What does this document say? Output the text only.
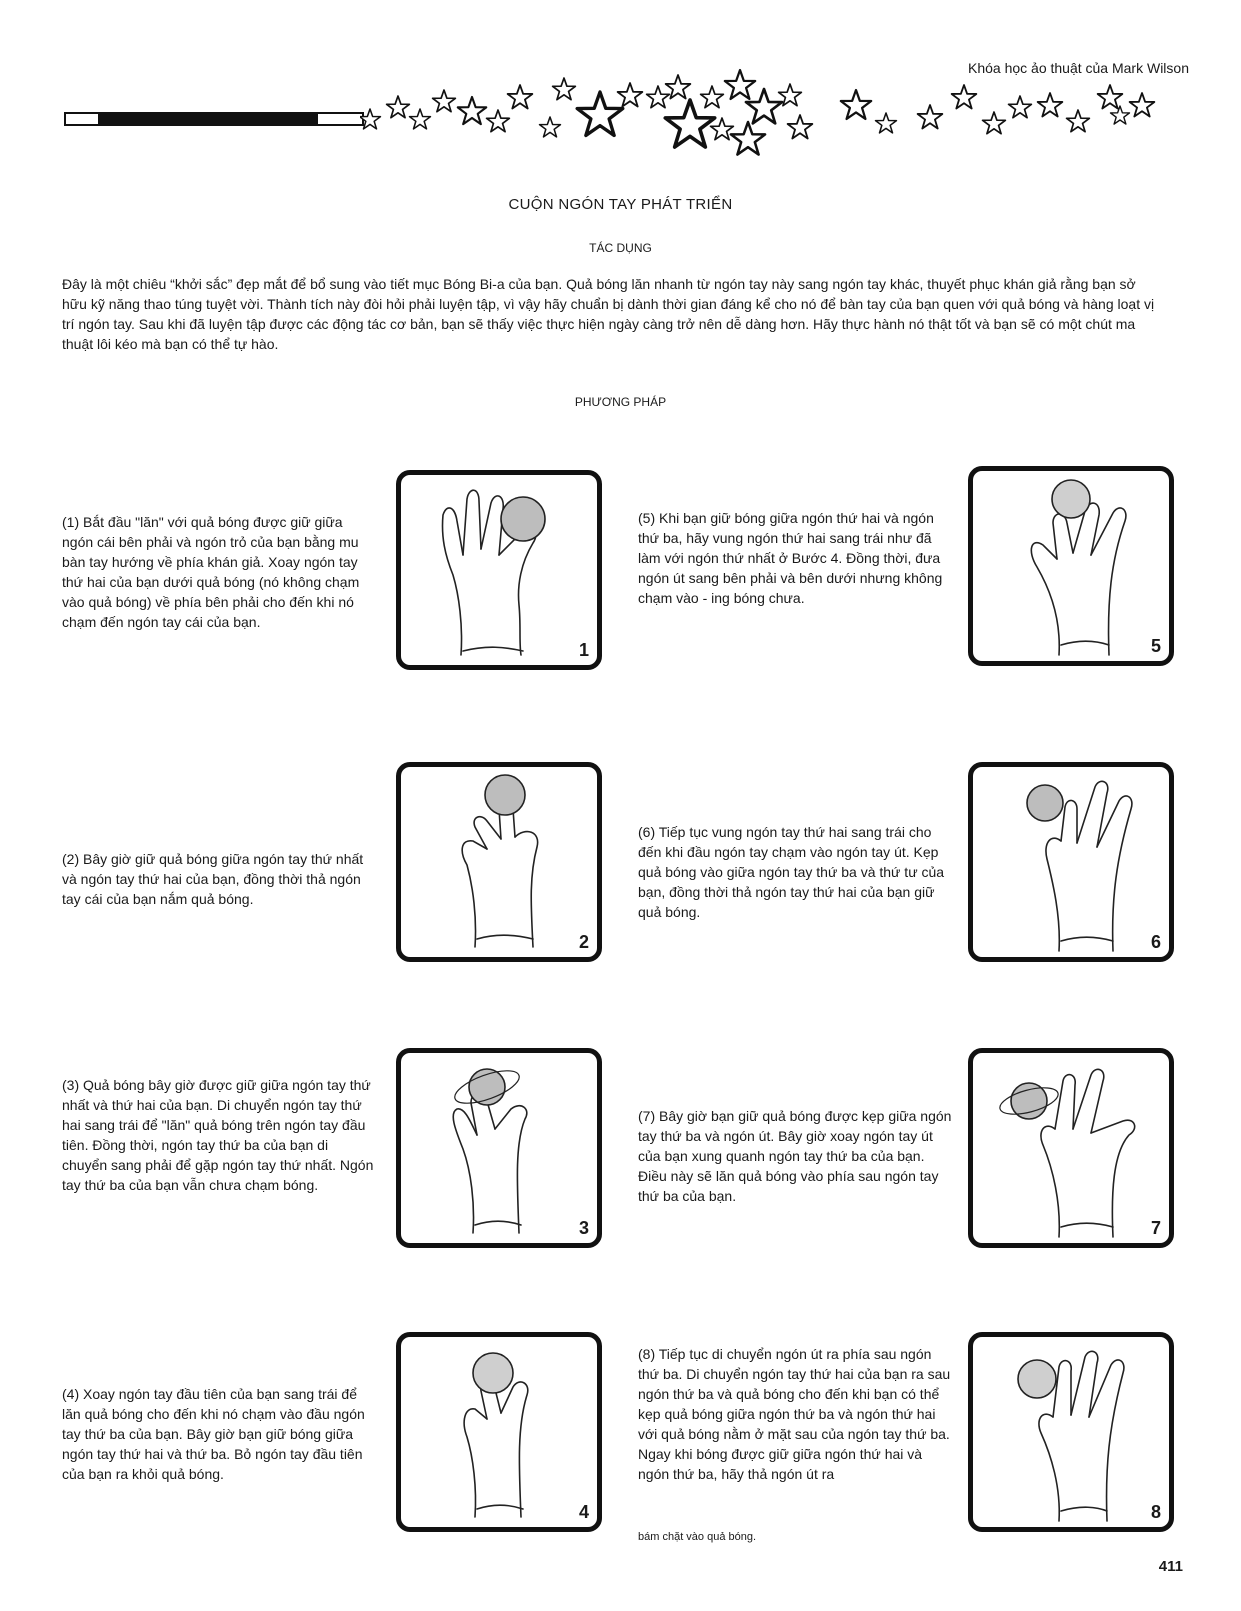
Khóa học ảo thuật của Mark Wilson
CUỘN NGÓN TAY PHÁT TRIỂN
TÁC DỤNG
Đây là một chiêu “khởi sắc” đẹp mắt để bổ sung vào tiết mục Bóng Bi-a của bạn. Quả bóng lăn nhanh từ ngón tay này sang ngón tay khác, thuyết phục khán giả rằng bạn sở hữu kỹ năng thao túng tuyệt vời. Thành tích này đòi hỏi phải luyện tập, vì vậy hãy chuẩn bị dành thời gian đáng kể cho nó để bàn tay của bạn quen với quả bóng và hàng loạt vị trí ngón tay. Sau khi đã luyện tập được các động tác cơ bản, bạn sẽ thấy việc thực hiện ngày càng trở nên dễ dàng hơn. Hãy thực hành nó thật tốt và bạn sẽ có một chút ma thuật lôi kéo mà bạn có thể tự hào.
PHƯƠNG PHÁP
(1) Bắt đầu "lăn" với quả bóng được giữ giữa ngón cái bên phải và ngón trỏ của bạn bằng mu bàn tay hướng về phía khán giả. Xoay ngón tay thứ hai của bạn dưới quả bóng (nó không chạm vào quả bóng) về phía bên phải cho đến khi nó chạm đến ngón tay cái của bạn.
(2) Bây giờ giữ quả bóng giữa ngón tay thứ nhất và ngón tay thứ hai của bạn, đồng thời thả ngón tay cái của bạn nắm quả bóng.
(3) Quả bóng bây giờ được giữ giữa ngón tay thứ nhất và thứ hai của bạn. Di chuyển ngón tay thứ hai sang trái để "lăn" quả bóng trên ngón tay đầu tiên. Đồng thời, ngón tay thứ ba của bạn di chuyển sang phải để gặp ngón tay thứ nhất. Ngón tay thứ ba của bạn vẫn chưa chạm bóng.
(4) Xoay ngón tay đầu tiên của bạn sang trái để lăn quả bóng cho đến khi nó chạm vào đầu ngón tay thứ ba của bạn. Bây giờ bạn giữ bóng giữa ngón tay thứ hai và thứ ba. Bỏ ngón tay đầu tiên của bạn ra khỏi quả bóng.
(5) Khi bạn giữ bóng giữa ngón thứ hai và ngón thứ ba, hãy vung ngón thứ hai sang trái như đã làm với ngón thứ nhất ở Bước 4. Đồng thời, đưa ngón út sang bên phải và bên dưới nhưng không chạm vào - ing bóng chưa.
(6) Tiếp tục vung ngón tay thứ hai sang trái cho đến khi đầu ngón tay chạm vào ngón tay út. Kẹp quả bóng vào giữa ngón tay thứ ba và thứ tư của bạn, đồng thời thả ngón tay thứ hai của bạn giữ quả bóng.
(7) Bây giờ bạn giữ quả bóng được kẹp giữa ngón tay thứ ba và ngón út. Bây giờ xoay ngón tay út của bạn xung quanh ngón tay thứ ba của bạn. Điều này sẽ lăn quả bóng vào phía sau ngón tay thứ ba của bạn.
(8) Tiếp tục di chuyển ngón út ra phía sau ngón thứ ba. Di chuyển ngón tay thứ hai của bạn ra sau ngón thứ ba và quả bóng cho đến khi bạn có thể kẹp quả bóng giữa ngón thứ ba và ngón thứ hai với quả bóng nằm ở mặt sau của ngón tay thứ ba. Ngay khi bóng được giữ giữa ngón thứ hai và ngón thứ ba, hãy thả ngón út ra
bám chặt vào quả bóng.
1
2
3
4
5
6
7
8
411
